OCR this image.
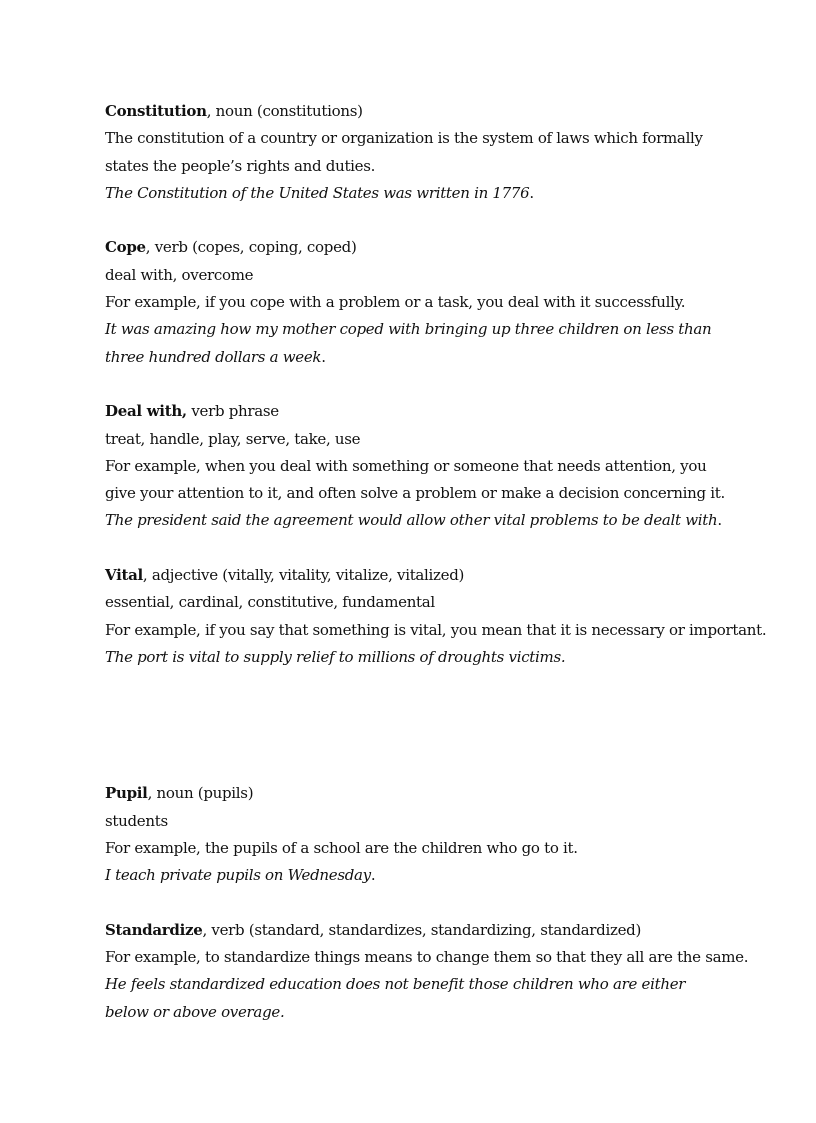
Constitution, noun (constitutions)
The constitution of a country or organization is the system of laws which formally states the people’s rights and duties.
The Constitution of the United States was written in 1776.
Cope, verb (copes, coping, coped)
deal with, overcome
For example, if you cope with a problem or a task, you deal with it successfully.
It was amazing how my mother coped with bringing up three children on less than three hundred dollars a week.
Deal with, verb phrase
treat, handle, play, serve, take, use
For example, when you deal with something or someone that needs attention, you give your attention to it, and often solve a problem or make a decision concerning it.
The president said the agreement would allow other vital problems to be dealt with.
Vital, adjective (vitally, vitality, vitalize, vitalized)
essential, cardinal, constitutive, fundamental
For example, if you say that something is vital, you mean that it is necessary or important.
The port is vital to supply relief to millions of droughts victims.
Pupil, noun (pupils)
students
For example, the pupils of a school are the children who go to it.
I teach private pupils on Wednesday.
Standardize, verb (standard, standardizes, standardizing, standardized)
For example, to standardize things means to change them so that they all are the same.
He feels standardized education does not benefit those children who are either below or above overage.
